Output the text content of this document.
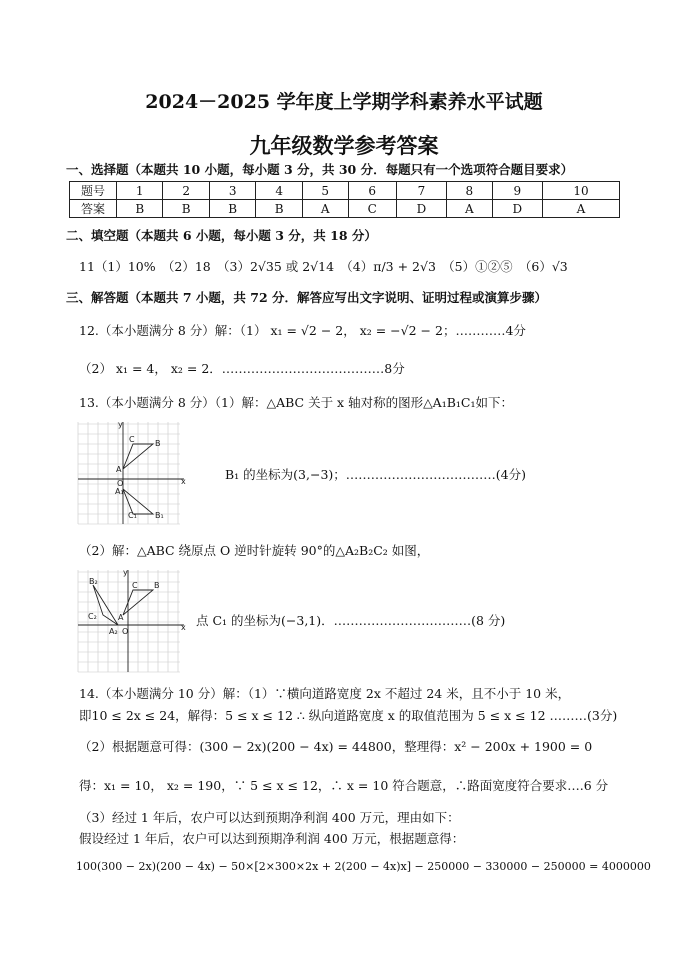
2024－2025 学年度上学期学科素养水平试题
九年级数学参考答案
一、选择题（本题共 10 小题，每小题 3 分，共 30 分．每题只有一个选项符合题目要求）
题号	1	2	3	4	5	6	7	8	9	10
答案	B	B	B	B	A	C	D	A	D	A
二、填空题（本题共 6 小题，每小题 3 分，共 18 分）
11（1）10%　（2）18　（3）2√35 或 2√14　（4）π/3 + 2√3　（5）①②⑤　（6）√3
三、解答题（本题共 7 小题，共 72 分．解答应写出文字说明、证明过程或演算步骤）
12.（本小题满分 8 分）解：（1） x₁ = √2 − 2， x₂ = −√2 − 2；…………4分
（2） x₁ = 4， x₂ = 2．…………………………………8分
13.（本小题满分 8 分）（1）解：△ABC 关于 x 轴对称的图形△A₁B₁C₁如下：
y
x
O
A
B
C
A₁
B₁
C₁
B₁ 的坐标为(3,−3)；………………………………(4分)
（2）解：△ABC 绕原点 O 逆时针旋转 90°的△A₂B₂C₂ 如图，
y
x
O
A
B
C
A₂
B₂
C₂	点 C₁ 的坐标为(−3,1)．……………………………(8 分)
14.（本小题满分 10 分）解：（1）∵横向道路宽度 2x 不超过 24 米，且不小于 10 米，
即10 ≤ 2x ≤ 24，解得：5 ≤ x ≤ 12 ∴ 纵向道路宽度 x 的取值范围为 5 ≤ x ≤ 12 ………(3分)
（2）根据题意可得：(300 − 2x)(200 − 4x) = 44800，整理得：x² − 200x + 1900 = 0
得：x₁ = 10， x₂ = 190，∵ 5 ≤ x ≤ 12，∴ x = 10 符合题意，∴路面宽度符合要求….6 分
（3）经过 1 年后，农户可以达到预期净利润 400 万元，理由如下：
假设经过 1 年后，农户可以达到预期净利润 400 万元，根据题意得：
100(300 − 2x)(200 − 4x) − 50×[2×300×2x + 2(200 − 4x)x] − 250000 − 330000 − 250000 = 4000000
